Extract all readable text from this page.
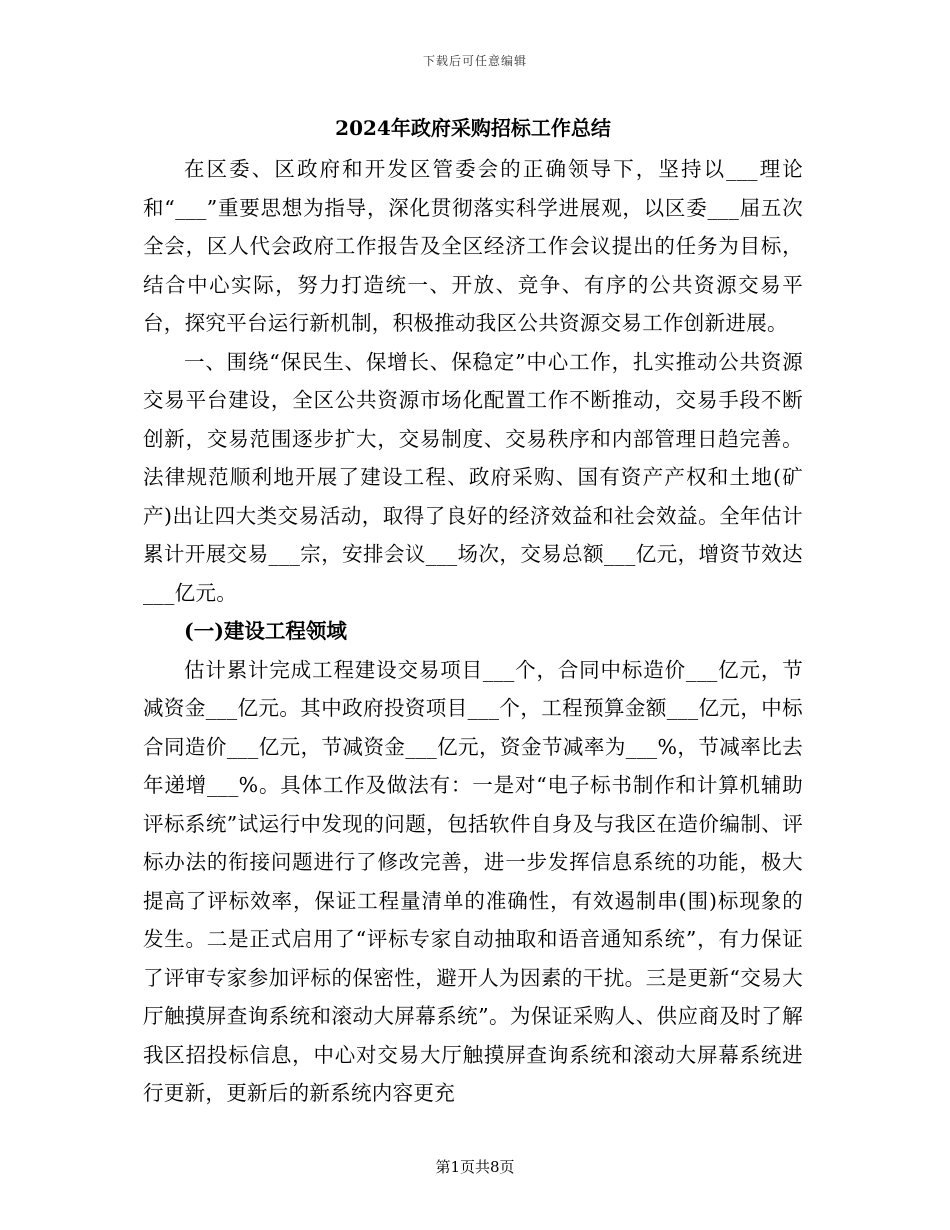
下载后可任意编辑
2024年政府采购招标工作总结

在区委、区政府和开发区管委会的正确领导下，坚持以___理论和“___”重要思想为指导，深化贯彻落实科学进展观，以区委___届五次全会，区人代会政府工作报告及全区经济工作会议提出的任务为目标，结合中心实际，努力打造统一、开放、竞争、有序的公共资源交易平台，探究平台运行新机制，积极推动我区公共资源交易工作创新进展。

一、围绕“保民生、保增长、保稳定”中心工作，扎实推动公共资源交易平台建设，全区公共资源市场化配置工作不断推动，交易手段不断创新，交易范围逐步扩大，交易制度、交易秩序和内部管理日趋完善。法律规范顺利地开展了建设工程、政府采购、国有资产产权和土地(矿产)出让四大类交易活动，取得了良好的经济效益和社会效益。全年估计累计开展交易___宗，安排会议___场次，交易总额___亿元，增资节效达___亿元。

(一)建设工程领域

估计累计完成工程建设交易项目___个，合同中标造价___亿元，节减资金___亿元。其中政府投资项目___个，工程预算金额___亿元，中标合同造价___亿元，节减资金___亿元，资金节减率为___%，节减率比去年递增___%。具体工作及做法有：一是对“电子标书制作和计算机辅助评标系统”试运行中发现的问题，包括软件自身及与我区在造价编制、评标办法的衔接问题进行了修改完善，进一步发挥信息系统的功能，极大提高了评标效率，保证工程量清单的准确性，有效遏制串(围)标现象的发生。二是正式启用了“评标专家自动抽取和语音通知系统”，有力保证了评审专家参加评标的保密性，避开人为因素的干扰。三是更新“交易大厅触摸屏查询系统和滚动大屏幕系统”。为保证采购人、供应商及时了解我区招投标信息，中心对交易大厅触摸屏查询系统和滚动大屏幕系统进行更新，更新后的新系统内容更充

第1页共8页
